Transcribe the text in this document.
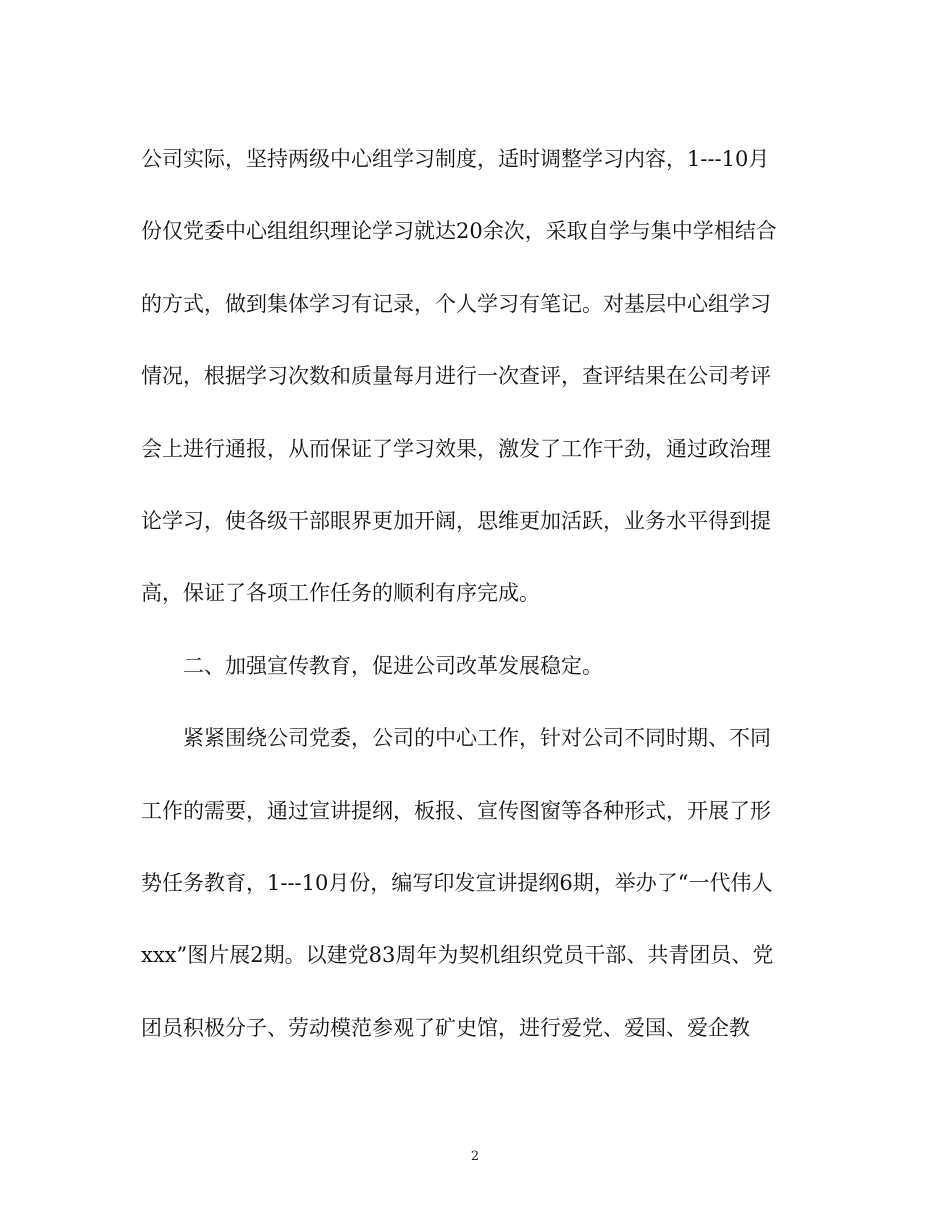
公司实际，坚持两级中心组学习制度，适时调整学习内容，1---10月
份仅党委中心组组织理论学习就达20余次，采取自学与集中学相结合
的方式，做到集体学习有记录，个人学习有笔记。对基层中心组学习
情况，根据学习次数和质量每月进行一次查评，查评结果在公司考评
会上进行通报，从而保证了学习效果，激发了工作干劲，通过政治理
论学习，使各级干部眼界更加开阔，思维更加活跃，业务水平得到提
高，保证了各项工作任务的顺利有序完成。
二、加强宣传教育，促进公司改革发展稳定。
紧紧围绕公司党委，公司的中心工作，针对公司不同时期、不同
工作的需要，通过宣讲提纲，板报、宣传图窗等各种形式，开展了形
势任务教育，1---10月份，编写印发宣讲提纲6期，举办了“一代伟人
xxx”图片展2期。以建党83周年为契机组织党员干部、共青团员、党
团员积极分子、劳动模范参观了矿史馆，进行爱党、爱国、爱企教
2
